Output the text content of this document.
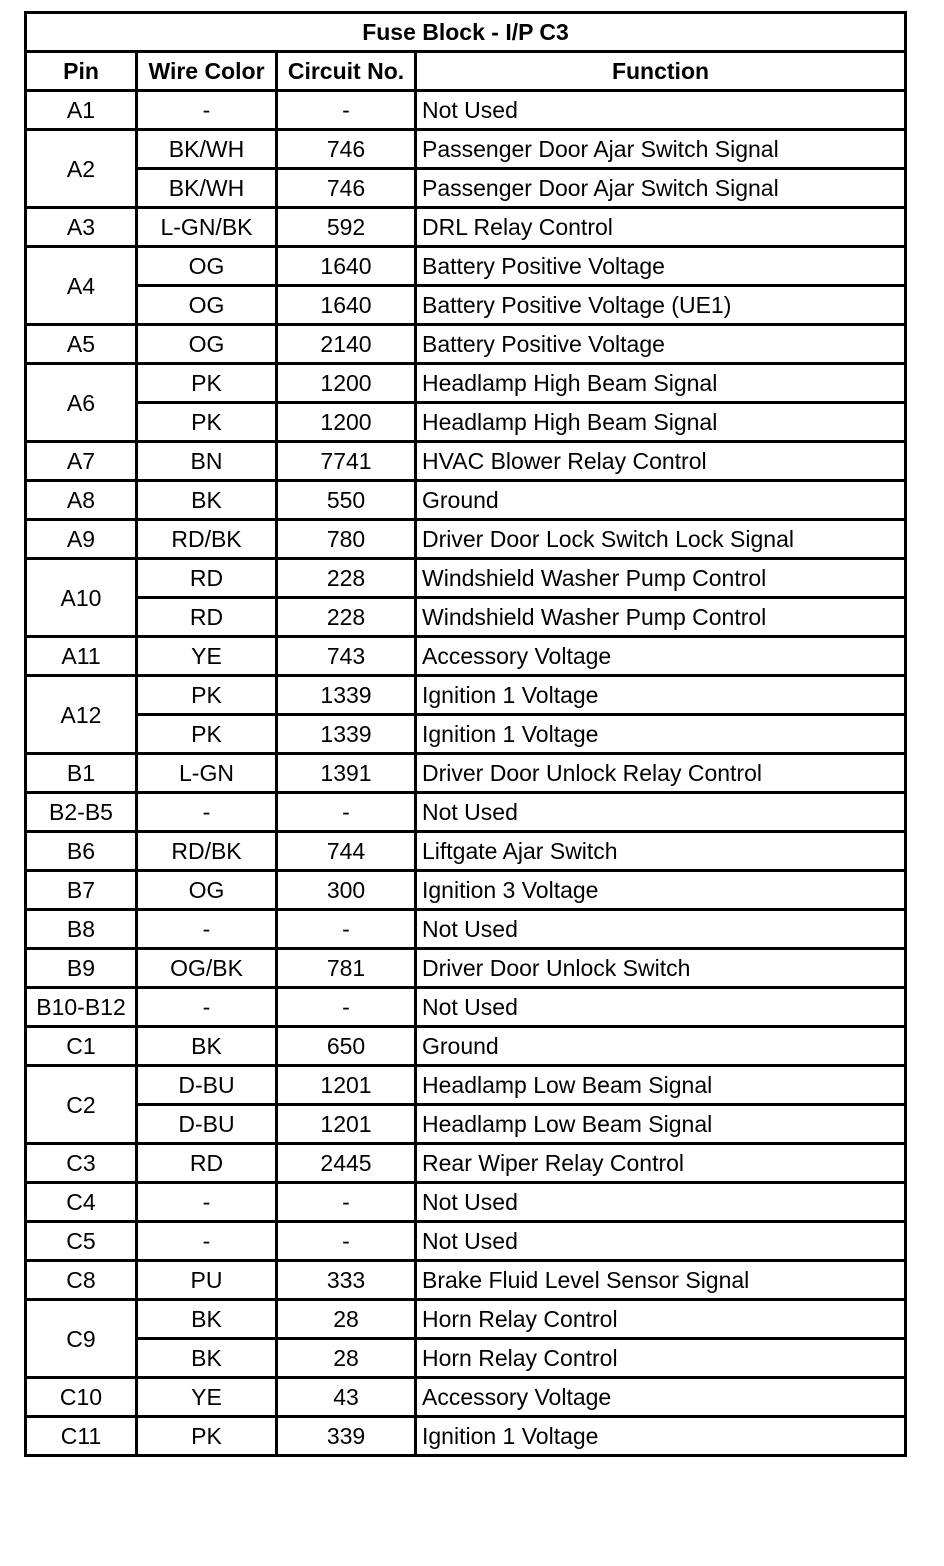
Fuse Block - I/P C3			
Pin	Wire Color	Circuit No.	Function
A1	-	-	Not Used
A2	BK/WH	746	Passenger Door Ajar Switch Signal
	BK/WH	746	Passenger Door Ajar Switch Signal
A3	L-GN/BK	592	DRL Relay Control
A4	OG	1640	Battery Positive Voltage
	OG	1640	Battery Positive Voltage (UE1)
A5	OG	2140	Battery Positive Voltage
A6	PK	1200	Headlamp High Beam Signal
	PK	1200	Headlamp High Beam Signal
A7	BN	7741	HVAC Blower Relay Control
A8	BK	550	Ground
A9	RD/BK	780	Driver Door Lock Switch Lock Signal
A10	RD	228	Windshield Washer Pump Control
	RD	228	Windshield Washer Pump Control
A11	YE	743	Accessory Voltage
A12	PK	1339	Ignition 1 Voltage
	PK	1339	Ignition 1 Voltage
B1	L-GN	1391	Driver Door Unlock Relay Control
B2-B5	-	-	Not Used
B6	RD/BK	744	Liftgate Ajar Switch
B7	OG	300	Ignition 3 Voltage
B8	-	-	Not Used
B9	OG/BK	781	Driver Door Unlock Switch
B10-B12	-	-	Not Used
C1	BK	650	Ground
C2	D-BU	1201	Headlamp Low Beam Signal
	D-BU	1201	Headlamp Low Beam Signal
C3	RD	2445	Rear Wiper Relay Control
C4	-	-	Not Used
C5	-	-	Not Used
C8	PU	333	Brake Fluid Level Sensor Signal
C9	BK	28	Horn Relay Control
	BK	28	Horn Relay Control
C10	YE	43	Accessory Voltage
C11	PK	339	Ignition 1 Voltage
